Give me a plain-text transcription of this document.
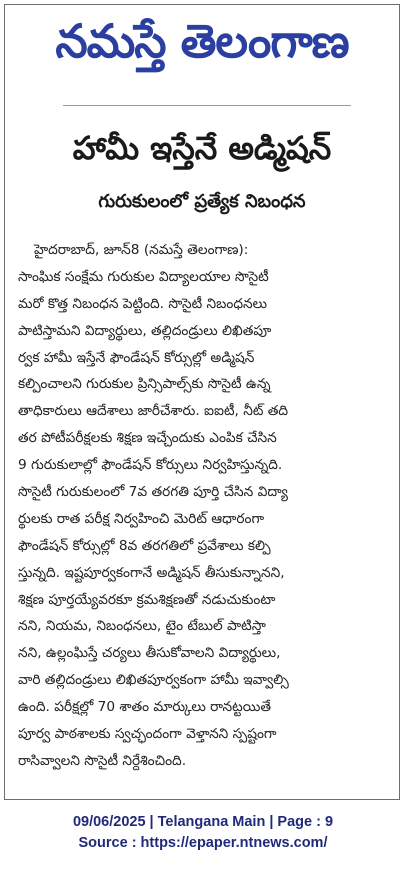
నమస్తే తెలంగాణ
హామీ ఇస్తేనే అడ్మిషన్
గురుకులంలో ప్రత్యేక నిబంధన
హైదరాబాద్, జూన్8 (నమస్తే తెలంగాణ):
సాంఘిక సంక్షేమ గురుకుల విద్యాలయాల సొసైటీ
మరో కొత్త నిబంధన పెట్టింది. సొసైటీ నిబంధనలు
పాటిస్తామని విద్యార్థులు, తల్లిదండ్రులు లిఖితపూ
ర్వక హామీ ఇస్తేనే ఫౌండేషన్ కోర్సుల్లో అడ్మిషన్
కల్పించాలని గురుకుల ప్రిన్సిపాల్స్‌కు సొసైటీ ఉన్న
తాధికారులు ఆదేశాలు జారీచేశారు. ఐఐటీ, నీట్ తది
తర పోటీపరీక్షలకు శిక్షణ ఇచ్చేందుకు ఎంపిక చేసిన
9 గురుకులాల్లో ఫౌండేషన్ కోర్సులు నిర్వహిస్తున్నది.
సొసైటీ గురుకులంలో 7వ తరగతి పూర్తి చేసిన విద్యా
ర్థులకు రాత పరీక్ష నిర్వహించి మెరిట్ ఆధారంగా
ఫౌండేషన్ కోర్సుల్లో 8వ తరగతిలో ప్రవేశాలు కల్పి
స్తున్నది. ఇష్టపూర్వకంగానే అడ్మిషన్ తీసుకున్నానని,
శిక్షణ పూర్తయ్యేవరకూ క్రమశిక్షణతో నడుచుకుంటా
నని, నియమ, నిబంధనలు, టైం టేబుల్ పాటిస్తా
నని, ఉల్లంఘిస్తే చర్యలు తీసుకోవాలని విద్యార్థులు,
వారి తల్లిదండ్రులు లిఖితపూర్వకంగా హామీ ఇవ్వాల్సి
ఉంది. పరీక్షల్లో 70 శాతం మార్కులు రానట్టయితే
పూర్వ పాఠశాలకు స్వచ్ఛందంగా వెళ్తానని స్పష్టంగా
రాసివ్వాలని సొసైటీ నిర్దేశించింది.
09/06/2025 | Telangana Main | Page : 9
Source : https://epaper.ntnews.com/
